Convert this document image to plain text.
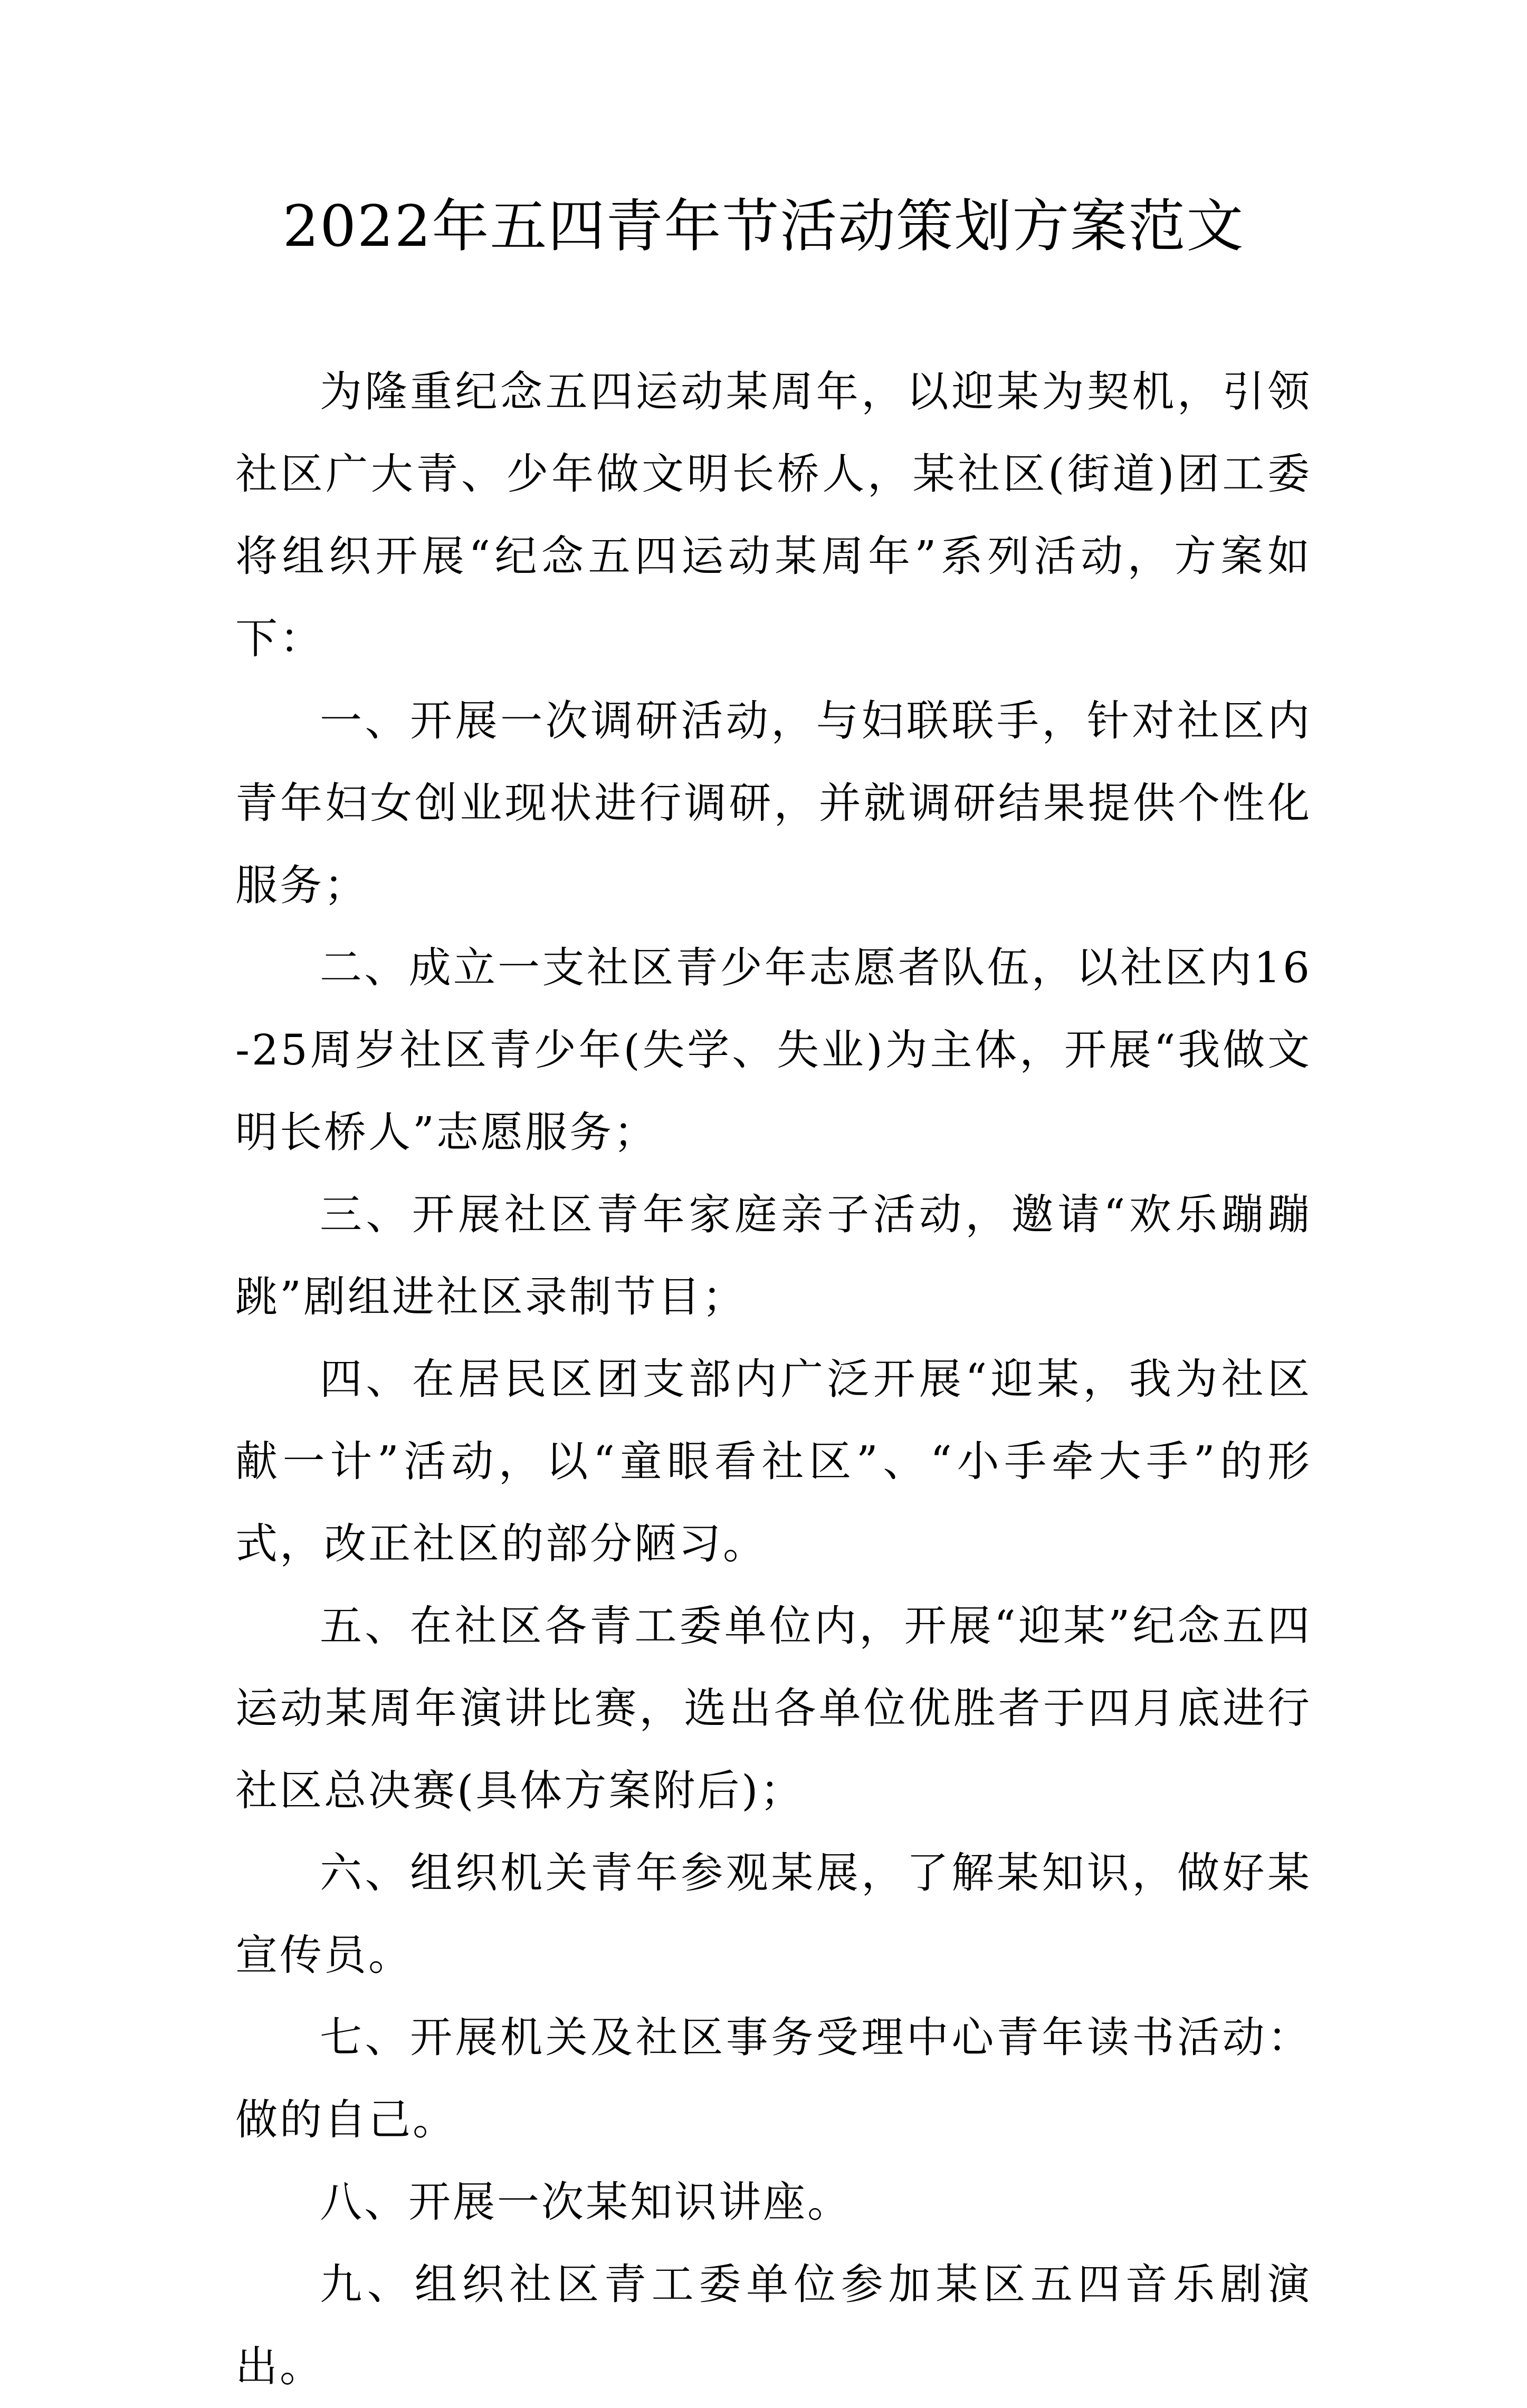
2022年五四青年节活动策划方案范文

为隆重纪念五四运动某周年，以迎某为契机，引领社区广大青、少年做文明长桥人，某社区(街道)团工委将组织开展“纪念五四运动某周年”系列活动，方案如下：

一、开展一次调研活动，与妇联联手，针对社区内青年妇女创业现状进行调研，并就调研结果提供个性化服务；

二、成立一支社区青少年志愿者队伍，以社区内16-25周岁社区青少年(失学、失业)为主体，开展“我做文明长桥人”志愿服务；

三、开展社区青年家庭亲子活动，邀请“欢乐蹦蹦跳”剧组进社区录制节目；

四、在居民区团支部内广泛开展“迎某，我为社区献一计”活动，以“童眼看社区”、“小手牵大手”的形式，改正社区的部分陋习。

五、在社区各青工委单位内，开展“迎某”纪念五四运动某周年演讲比赛，选出各单位优胜者于四月底进行社区总决赛(具体方案附后)；

六、组织机关青年参观某展，了解某知识，做好某宣传员。

七、开展机关及社区事务受理中心青年读书活动：做的自己。

八、开展一次某知识讲座。

九、组织社区青工委单位参加某区五四音乐剧演出。
